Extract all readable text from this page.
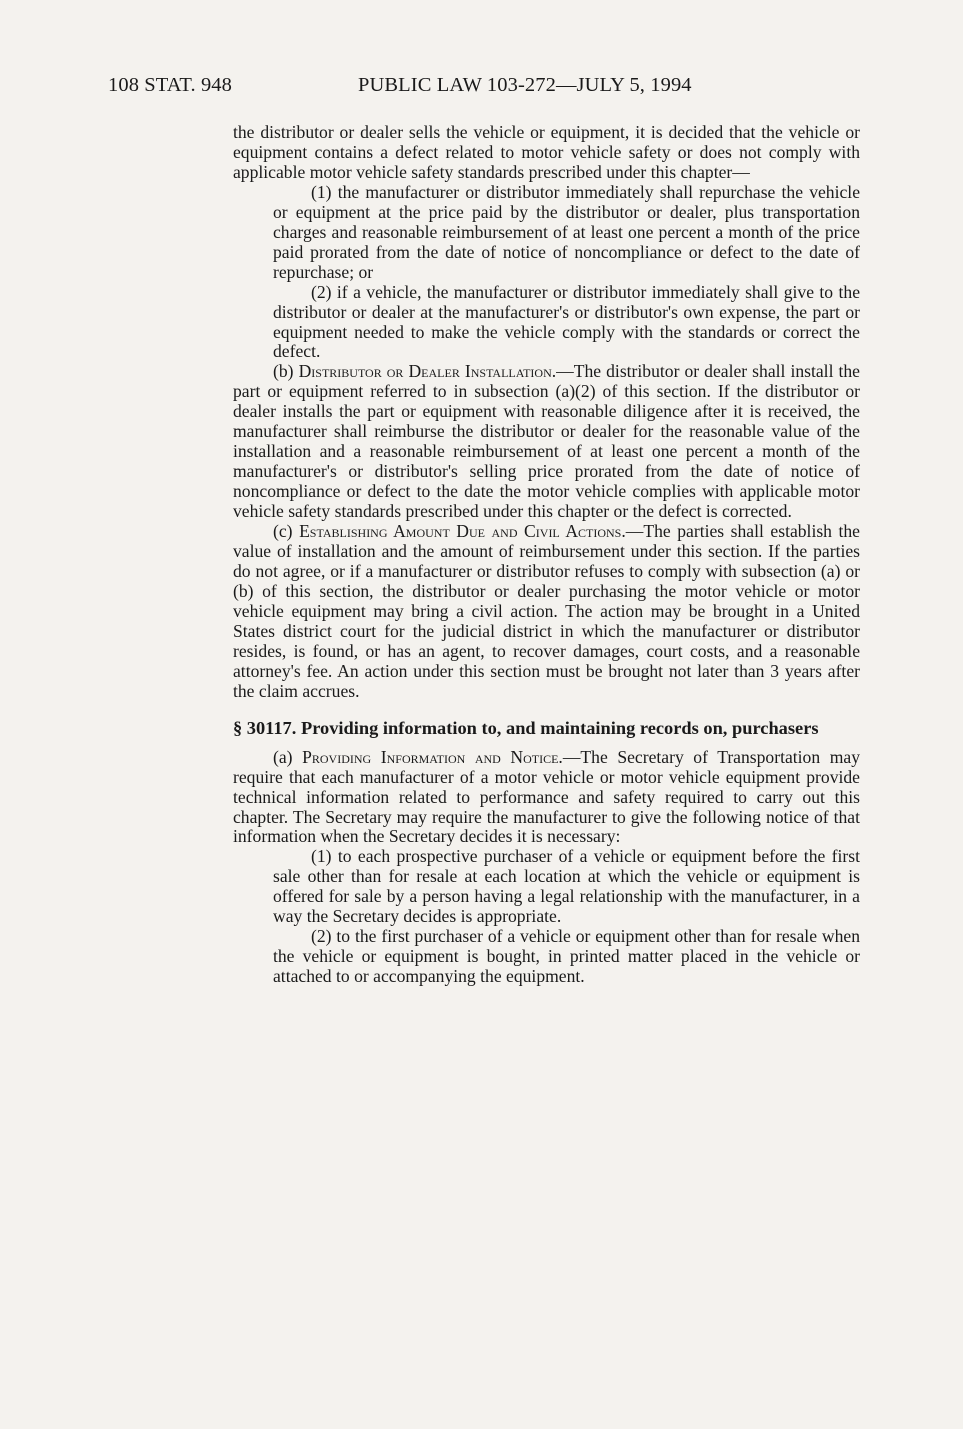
108 STAT. 948	PUBLIC LAW 103-272—JULY 5, 1994

the distributor or dealer sells the vehicle or equipment, it is decided that the vehicle or equipment contains a defect related to motor vehicle safety or does not comply with applicable motor vehicle safety standards prescribed under this chapter—

(1) the manufacturer or distributor immediately shall repurchase the vehicle or equipment at the price paid by the distributor or dealer, plus transportation charges and reasonable reimbursement of at least one percent a month of the price paid prorated from the date of notice of noncompliance or defect to the date of repurchase; or

(2) if a vehicle, the manufacturer or distributor immediately shall give to the distributor or dealer at the manufacturer's or distributor's own expense, the part or equipment needed to make the vehicle comply with the standards or correct the defect.

(b) Distributor or Dealer Installation.—The distributor or dealer shall install the part or equipment referred to in subsection (a)(2) of this section. If the distributor or dealer installs the part or equipment with reasonable diligence after it is received, the manufacturer shall reimburse the distributor or dealer for the reasonable value of the installation and a reasonable reimbursement of at least one percent a month of the manufacturer's or distributor's selling price prorated from the date of notice of noncompliance or defect to the date the motor vehicle complies with applicable motor vehicle safety standards prescribed under this chapter or the defect is corrected.

(c) Establishing Amount Due and Civil Actions.—The parties shall establish the value of installation and the amount of reimbursement under this section. If the parties do not agree, or if a manufacturer or distributor refuses to comply with subsection (a) or (b) of this section, the distributor or dealer purchasing the motor vehicle or motor vehicle equipment may bring a civil action. The action may be brought in a United States district court for the judicial district in which the manufacturer or distributor resides, is found, or has an agent, to recover damages, court costs, and a reasonable attorney's fee. An action under this section must be brought not later than 3 years after the claim accrues.

§ 30117. Providing information to, and maintaining records on, purchasers

(a) Providing Information and Notice.—The Secretary of Transportation may require that each manufacturer of a motor vehicle or motor vehicle equipment provide technical information related to performance and safety required to carry out this chapter. The Secretary may require the manufacturer to give the following notice of that information when the Secretary decides it is necessary:

(1) to each prospective purchaser of a vehicle or equipment before the first sale other than for resale at each location at which the vehicle or equipment is offered for sale by a person having a legal relationship with the manufacturer, in a way the Secretary decides is appropriate.

(2) to the first purchaser of a vehicle or equipment other than for resale when the vehicle or equipment is bought, in printed matter placed in the vehicle or attached to or accompanying the equipment.
